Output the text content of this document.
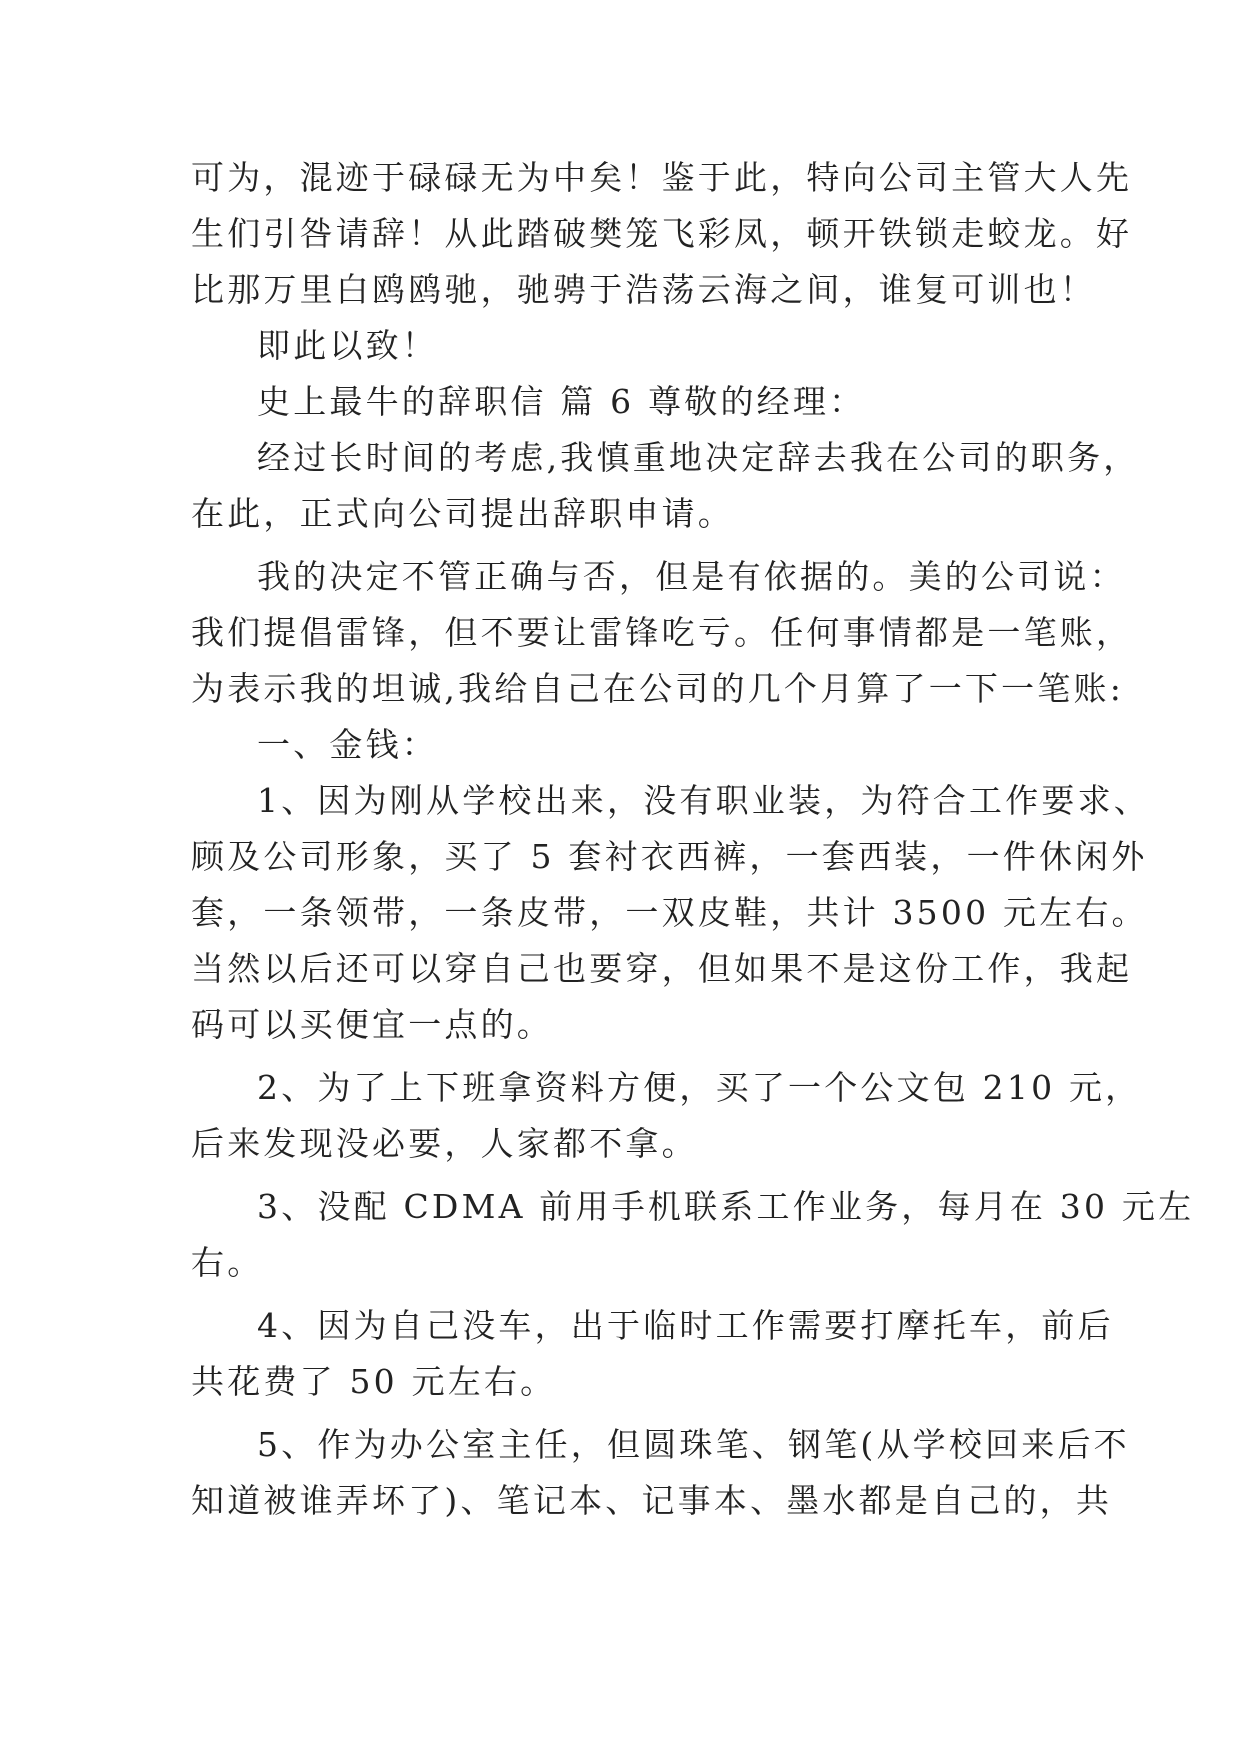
可为，混迹于碌碌无为中矣！鉴于此，特向公司主管大人先

生们引咎请辞！从此踏破樊笼飞彩凤，顿开铁锁走蛟龙。好

比那万里白鸥鸥驰，驰骋于浩荡云海之间，谁复可训也！

即此以致！

史上最牛的辞职信 篇 6 尊敬的经理：

经过长时间的考虑,我慎重地决定辞去我在公司的职务，

在此，正式向公司提出辞职申请。

我的决定不管正确与否，但是有依据的。美的公司说：

我们提倡雷锋，但不要让雷锋吃亏。任何事情都是一笔账，

为表示我的坦诚,我给自己在公司的几个月算了一下一笔账:

一、金钱：

1、因为刚从学校出来，没有职业装，为符合工作要求、

顾及公司形象，买了 5 套衬衣西裤，一套西装，一件休闲外

套，一条领带，一条皮带，一双皮鞋，共计 3500 元左右。

当然以后还可以穿自己也要穿，但如果不是这份工作，我起

码可以买便宜一点的。

2、为了上下班拿资料方便，买了一个公文包 210 元，

后来发现没必要，人家都不拿。

3、没配 CDMA 前用手机联系工作业务，每月在 30 元左

右。

4、因为自己没车，出于临时工作需要打摩托车，前后

共花费了 50 元左右。

5、作为办公室主任，但圆珠笔、钢笔(从学校回来后不

知道被谁弄坏了)、笔记本、记事本、墨水都是自己的，共
